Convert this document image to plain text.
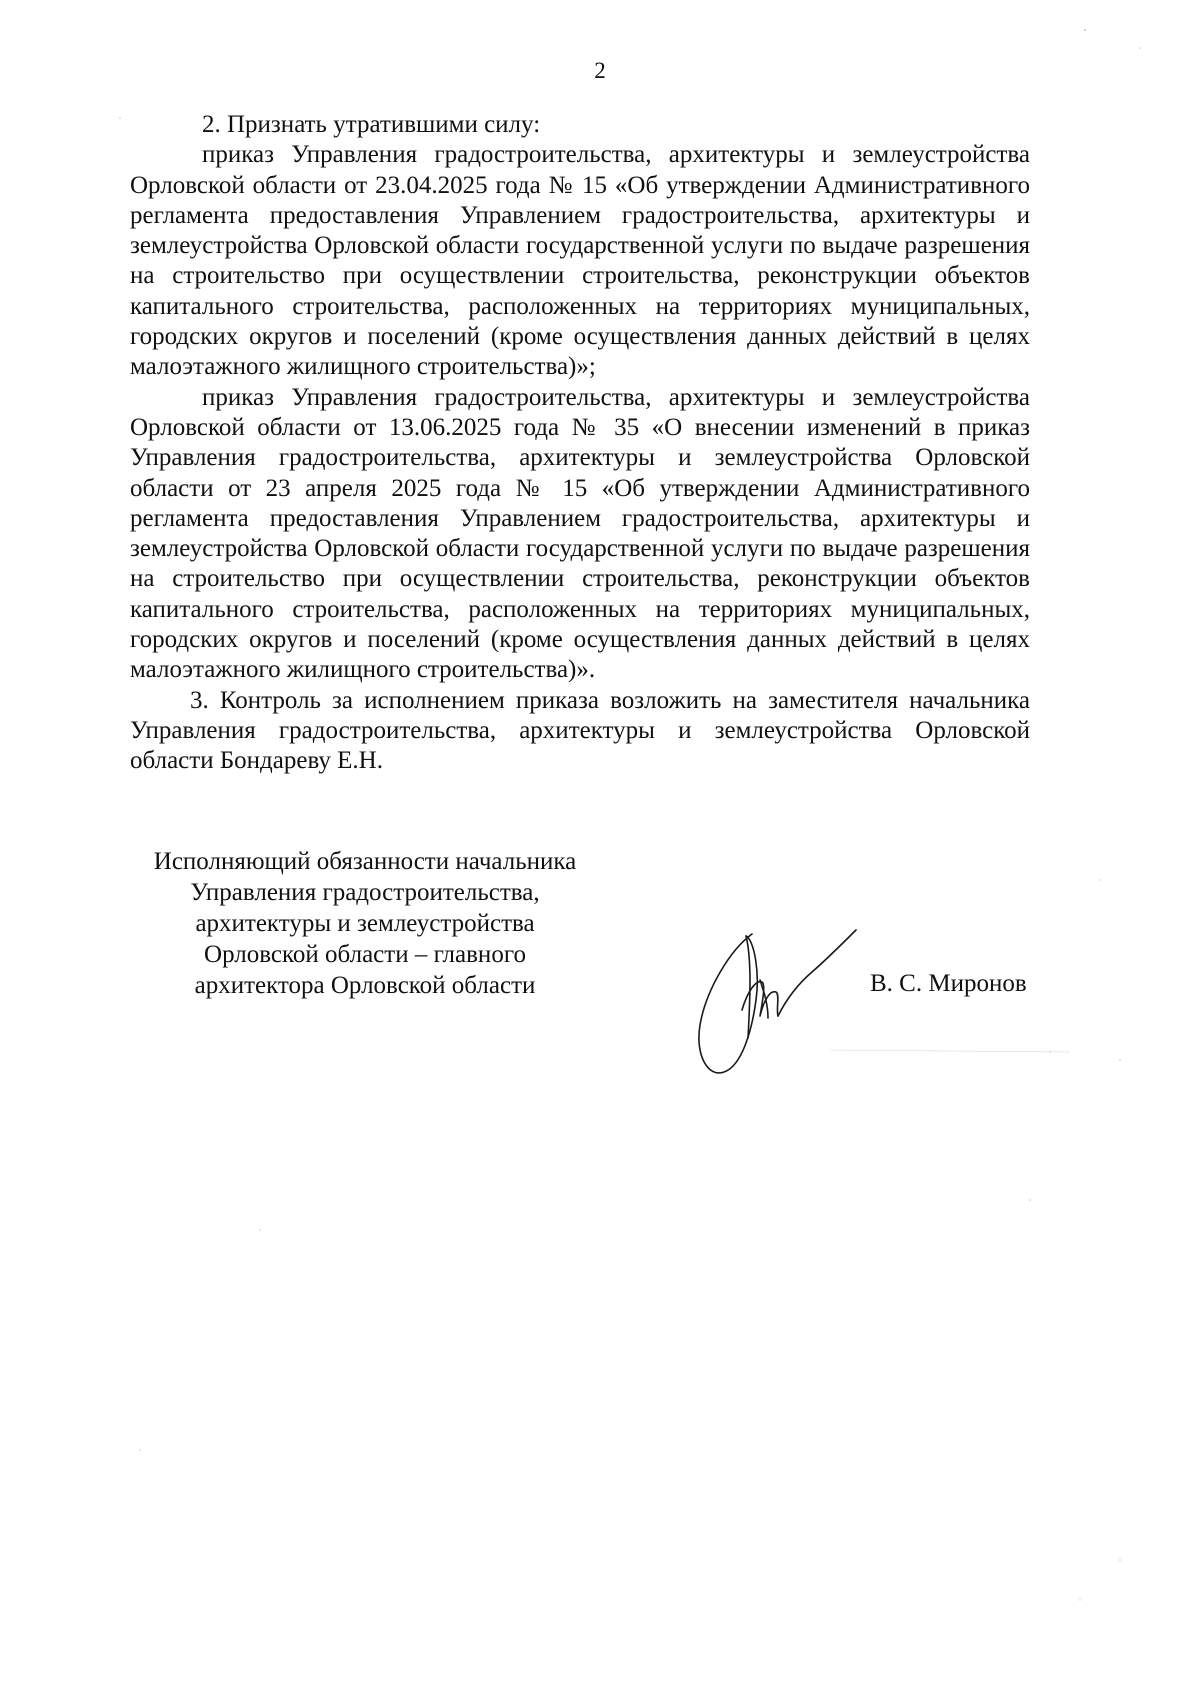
2

2. Признать утратившими силу:

приказ Управления градостроительства, архитектуры и землеустройства Орловской области от 23.04.2025 года № 15 «Об утверждении Административного регламента предоставления Управлением градостроительства, архитектуры и землеустройства Орловской области государственной услуги по выдаче разрешения на строительство при осуществлении строительства, реконструкции объектов капитального строительства, расположенных на территориях муниципальных, городских округов и поселений (кроме осуществления данных действий в целях малоэтажного жилищного строительства)»;

приказ Управления градостроительства, архитектуры и землеустройства Орловской области от 13.06.2025 года № 35 «О внесении изменений в приказ Управления градостроительства, архитектуры и землеустройства Орловской области от 23 апреля 2025 года № 15 «Об утверждении Административного регламента предоставления Управлением градостроительства, архитектуры и землеустройства Орловской области государственной услуги по выдаче разрешения на строительство при осуществлении строительства, реконструкции объектов капитального строительства, расположенных на территориях муниципальных, городских округов и поселений (кроме осуществления данных действий в целях малоэтажного жилищного строительства)».

3. Контроль за исполнением приказа возложить на заместителя начальника Управления градостроительства, архитектуры и землеустройства Орловской области Бондареву Е.Н.

Исполняющий обязанности начальника
Управления градостроительства,
архитектуры и землеустройства
Орловской области – главного
архитектора Орловской области	В. С. Миронов
